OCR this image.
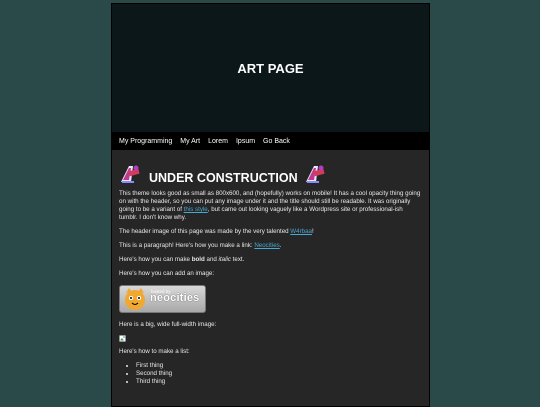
ART PAGE
My Programming My Art Lorem Ipsum Go Back
UNDER CONSTRUCTION

This theme looks good as small as 800x600, and (hopefully) works on mobile! It has a cool opacity thing going on with the header, so you can put any image under it and the title should still be readable. It was originally going to be a variant of this style, but came out looking vaguely like a Wordpress site or professional-ish tumblr. I don't know why.

The header image of this page was made by the very talented W4rbaa!

This is a paragraph! Here's how you make a link: Neocities.

Here's how you can make bold and italic text.

Here's how you can add an image:

hosted by
neocities

Here is a big, wide full-width image:

Here's how to make a list:

• First thing
• Second thing
• Third thing
